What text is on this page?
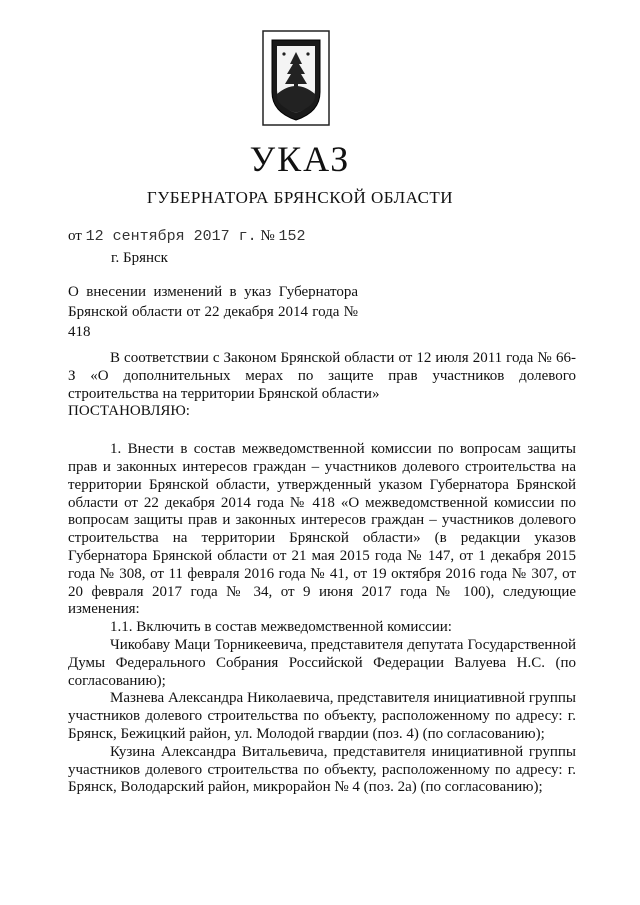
УКАЗ
ГУБЕРНАТОРА БРЯНСКОЙ ОБЛАСТИ
от 12 сентября 2017 г. № 152
г. Брянск
О внесении изменений в указ Губернатора Брянской области от 22 декабря 2014 года № 418

В соответствии с Законом Брянской области от 12 июля 2011 года № 66-З «О дополнительных мерах по защите прав участников долевого строительства на территории Брянской области»

ПОСТАНОВЛЯЮ:

1. Внести в состав межведомственной комиссии по вопросам защиты прав и законных интересов граждан – участников долевого строительства на территории Брянской области, утвержденный указом Губернатора Брянской области от 22 декабря 2014 года № 418 «О межведомственной комиссии по вопросам защиты прав и законных интересов граждан – участников долевого строительства на территории Брянской области» (в редакции указов Губернатора Брянской области от 21 мая 2015 года № 147, от 1 декабря 2015 года № 308, от 11 февраля 2016 года № 41, от 19 октября 2016 года № 307, от 20 февраля 2017 года № 34, от 9 июня 2017 года № 100), следующие изменения:

1.1. Включить в состав межведомственной комиссии:

Чикобаву Маци Торникеевича, представителя депутата Государственной Думы Федерального Собрания Российской Федерации Валуева Н.С. (по согласованию);

Мазнева Александра Николаевича, представителя инициативной группы участников долевого строительства по объекту, расположенному по адресу: г. Брянск, Бежицкий район, ул. Молодой гвардии (поз. 4) (по согласованию);

Кузина Александра Витальевича, представителя инициативной группы участников долевого строительства по объекту, расположенному по адресу: г. Брянск, Володарский район, микрорайон № 4 (поз. 2а) (по согласованию);
